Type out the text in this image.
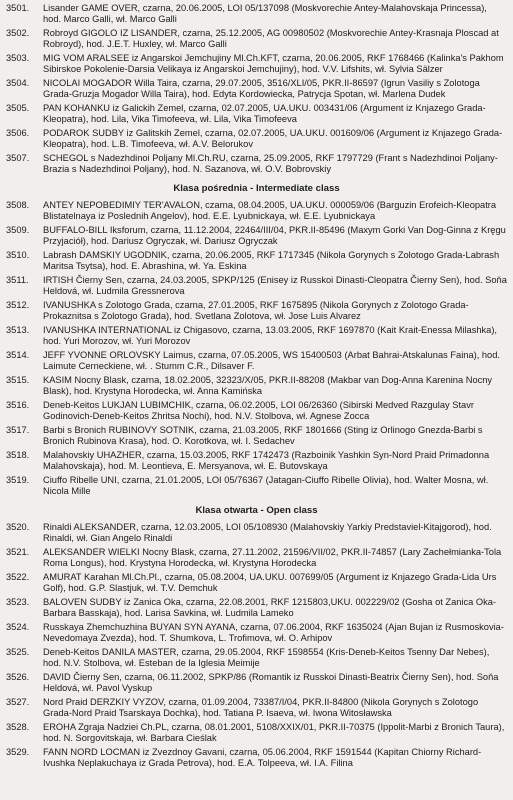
3501. Lisander GAME OVER, czarna, 20.06.2005, LOI 05/137098 (Moskvorechie Antey-Malahovskaja Princessa), hod. Marco Galli, wł. Marco Galli
3502. Robroyd GIGOLO IZ LISANDER, czarna, 25.12.2005, AG 00980502 (Moskvorechie Antey-Krasnaja Ploscad at Robroyd), hod. J.E.T. Huxley, wł. Marco Galli
3503. MIG VOM ARALSEE iz Angarskoi Jemchujiny Ml.Ch.KFT, czarna, 20.06.2005, RKF 1768466 (Kalinka's Pakhom Sibirskoe Pokolenie-Darsia Velikaya iz Angarskoi Jemchujiny), hod. V.V. Lifshits, wł. Sylvia Sälzer
3504. NICOLAI MOGADOR Willa Taira, czarna, 29.07.2005, 3516/XLI/05, PKR.II-86597 (Igrun Vasiliy s Zolotoga Grada-Gruzja Mogador Willa Taira), hod. Edyta Kordowiecka, Patrycja Spotan, wł. Marlena Dudek
3505. PAN KOHANKU iz Galickih Zemel, czarna, 02.07.2005, UA.UKU. 003431/06 (Argument iz Knjazego Grada-Kleopatra), hod. Lila, Vika Timofeeva, wł. Lila, Vika Timofeeva
3506. PODAROK SUDBY iz Galitskih Zemel, czarna, 02.07.2005, UA.UKU. 001609/06 (Argument iz Knjazego Grada-Kleopatra), hod. L.B. Timofeeva, wł. A.V. Belorukov
3507. SCHEGOL s Nadezhdinoi Poljany Ml.Ch.RU, czarna, 25.09.2005, RKF 1797729 (Frant s Nadezhdinoi Poljany-Brazia s Nadezhdinoi Poljany), hod. N. Sazanova, wł. O.V. Bobrovskiy
Klasa pośrednia - Intermediate class
3508. ANTEY NEPOBEDIMIY TER'AVALON, czarna, 08.04.2005, UA.UKU. 000059/06 (Barguzin Erofeich-Kleopatra Blistatelnaya iz Poslednih Angelov), hod. E.E. Lyubnickaya, wł. E.E. Lyubnickaya
3509. BUFFALO-BILL Iksforum, czarna, 11.12.2004, 22464/III/04, PKR.II-85496 (Maxym Gorki Van Dog-Ginna z Kręgu Przyjaciół), hod. Dariusz Ogryczak, wł. Dariusz Ogryczak
3510. Labrash DAMSKIY UGODNIK, czarna, 20.06.2005, RKF 1717345 (Nikola Gorynych s Zolotogo Grada-Labrash Maritsa Tsytsa), hod. E. Abrashina, wł. Ya. Eskina
3511. IRTISH Čierny Sen, czarna, 24.03.2005, SPKP/125 (Enisey iz Russkoi Dinasti-Cleopatra Čierny Sen), hod. Soňa Heldová, wł. Ludmila Gressnerova
3512. IVANUSHKA s Zolotogo Grada, czarna, 27.01.2005, RKF 1675895 (Nikola Gorynych z Zolotogo Grada-Prokaznitsa s Zolotogo Grada), hod. Svetlana Zolotova, wł. Jose Luis Alvarez
3513. IVANUSHKA INTERNATIONAL iz Chigasovo, czarna, 13.03.2005, RKF 1697870 (Kait Krait-Enessa Milashka), hod. Yuri Morozov, wł. Yuri Morozov
3514. JEFF YVONNE ORLOVSKY Laimus, czarna, 07.05.2005, WS 15400503 (Arbat Bahrai-Atskalunas Faina), hod. Laimute Cerneckiene, wł. . Stumm C.R., Dilsaver F.
3515. KASIM Nocny Blask, czarna, 18.02.2005, 32323/X/05, PKR.II-88208 (Makbar van Dog-Anna Karenina Nocny Blask), hod. Krystyna Horodecka, wł. Anna Kamińska
3516. Deneb-Keitos LUKJAN LUBIMCHIK, czarna, 06.02.2005, LOI 06/26360 (Sibirski Medved Razgulay Stavr Godinovich-Deneb-Keitos Zhritsa Nochi), hod. N.V. Stolbova, wł. Agnese Zocca
3517. Barbi s Bronich RUBINOVY SOTNIK, czarna, 21.03.2005, RKF 1801666 (Sting iz Orlinogo Gnezda-Barbi s Bronich Rubinova Krasa), hod. O. Korotkova, wł. I. Sedachev
3518. Malahovskiy UHAZHER, czarna, 15.03.2005, RKF 1742473 (Razboinik Yashkin Syn-Nord Praid Primadonna Malahovskaja), hod. M. Leontieva, E. Mersyanova, wł. E. Butovskaya
3519. Ciuffo Ribelle UNI, czarna, 21.01.2005, LOI 05/76367 (Jatagan-Ciuffo Ribelle Olivia), hod. Walter Mosna, wł. Nicola Mille
Klasa otwarta - Open class
3520. Rinaldi ALEKSANDER, czarna, 12.03.2005, LOI 05/108930 (Malahovskiy Yarkiy Predstaviel-Kitajgorod), hod. Rinaldi, wł. Gian Angelo Rinaldi
3521. ALEKSANDER WIELKI Nocny Blask, czarna, 27.11.2002, 21596/VII/02, PKR.II-74857 (Lary Zachełmianka-Tola Roma Longus), hod. Krystyna Horodecka, wł. Krystyna Horodecka
3522. AMURAT Karahan Ml.Ch.Pl., czarna, 05.08.2004, UA.UKU. 007699/05 (Argument iz Knjazego Grada-Lida Urs Golf), hod. G.P. Slastjuk, wł. T.V. Demchuk
3523. BALOVEN SUDBY iz Zanica Oka, czarna, 22.08.2001, RKF 1215803,UKU. 002229/02 (Gosha ot Zanica Oka-Barbara Basskaja), hod. Larisa Savkina, wł. Ludmila Lameko
3524. Russkaya Zhemchuzhina BUYAN SYN AYANA, czarna, 07.06.2004, RKF 1635024 (Ajan Bujan iz Rusmoskovia-Nevedomaya Zvezda), hod. T. Shumkova, L. Trofimova, wł. O. Arhipov
3525. Deneb-Keitos DANILA MASTER, czarna, 29.05.2004, RKF 1598554 (Kris-Deneb-Keitos Tsenny Dar Nebes), hod. N.V. Stolbova, wł. Esteban de la Iglesia Meimije
3526. DAVID Čierny Sen, czarna, 06.11.2002, SPKP/86 (Romantik iz Russkoi Dinasti-Beatrix Čierny Sen), hod. Soňa Heldová, wł. Pavol Vyskup
3527. Nord Praid DERZKIY VYZOV, czarna, 01.09.2004, 73387/I/04, PKR.II-84800 (Nikola Gorynych s Zolotogo Grada-Nord Praid Tsarskaya Dochka), hod. Tatiana P. Isaeva, wł. Iwona Witosławska
3528. EROHA Zgraja Nadziei Ch.PL, czarna, 08.01.2001, 5108/XXIX/01, PKR.II-70375 (Ippolit-Marbi z Bronich Taura), hod. N. Sorgovitskaja, wł. Barbara Cieślak
3529. FANN NORD LOCMAN iz Zvezdnoy Gavani, czarna, 05.06.2004, RKF 1591544 (Kapitan Chiorny Richard-Ivushka Neplakuchaya iz Grada Petrova), hod. E.A. Tolpeeva, wł. I.A. Filina
